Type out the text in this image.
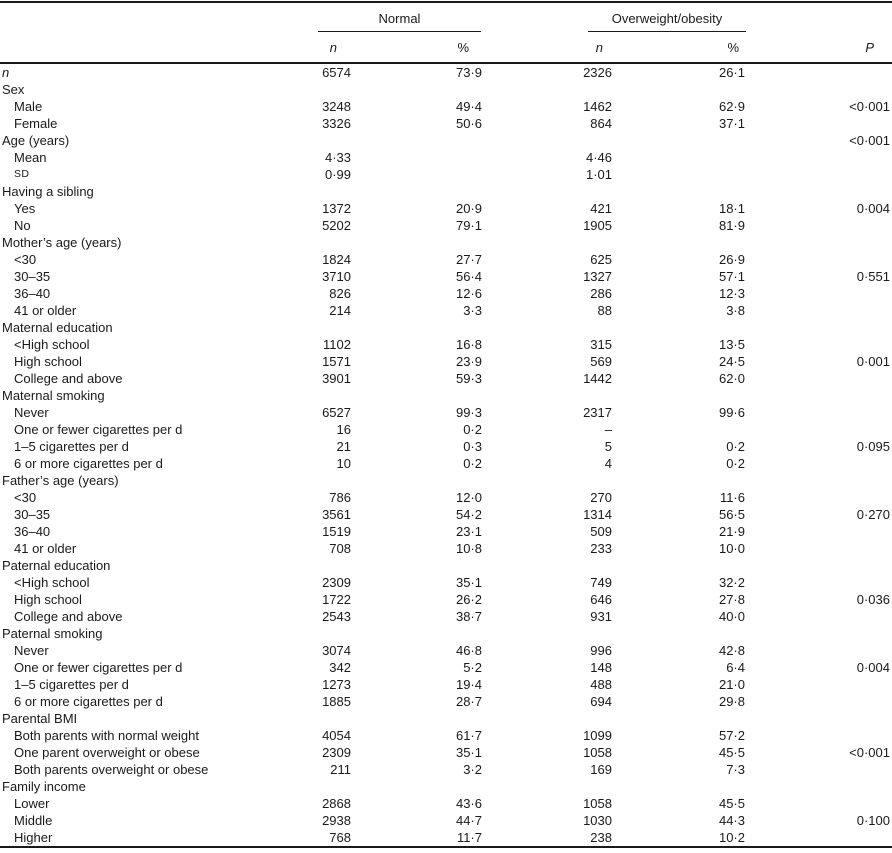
	Normal		Overweight/obesity		

	n	%	n	%	P
n	6574	73·9	2326	26·1	
Sex					
Male	3248	49·4	1462	62·9	<0·001
Female	3326	50·6	864	37·1	
Age (years)					<0·001
Mean	4·33		4·46		
SD	0·99		1·01		
Having a sibling					
Yes	1372	20·9	421	18·1	0·004
No	5202	79·1	1905	81·9	
Mother’s age (years)					
<30	1824	27·7	625	26·9	
30–35	3710	56·4	1327	57·1	0·551
36–40	826	12·6	286	12·3	
41 or older	214	3·3	88	3·8	
Maternal education					
<High school	1102	16·8	315	13·5	
High school	1571	23·9	569	24·5	0·001
College and above	3901	59·3	1442	62·0	
Maternal smoking					
Never	6527	99·3	2317	99·6	
One or fewer cigarettes per d	16	0·2	–		
1–5 cigarettes per d	21	0·3	5	0·2	0·095
6 or more cigarettes per d	10	0·2	4	0·2	
Father’s age (years)					
<30	786	12·0	270	11·6	
30–35	3561	54·2	1314	56·5	0·270
36–40	1519	23·1	509	21·9	
41 or older	708	10·8	233	10·0	
Paternal education					
<High school	2309	35·1	749	32·2	
High school	1722	26·2	646	27·8	0·036
College and above	2543	38·7	931	40·0	
Paternal smoking					
Never	3074	46·8	996	42·8	
One or fewer cigarettes per d	342	5·2	148	6·4	0·004
1–5 cigarettes per d	1273	19·4	488	21·0	
6 or more cigarettes per d	1885	28·7	694	29·8	
Parental BMI					
Both parents with normal weight	4054	61·7	1099	57·2	
One parent overweight or obese	2309	35·1	1058	45·5	<0·001
Both parents overweight or obese	211	3·2	169	7·3	
Family income					
Lower	2868	43·6	1058	45·5	
Middle	2938	44·7	1030	44·3	0·100
Higher	768	11·7	238	10·2	
